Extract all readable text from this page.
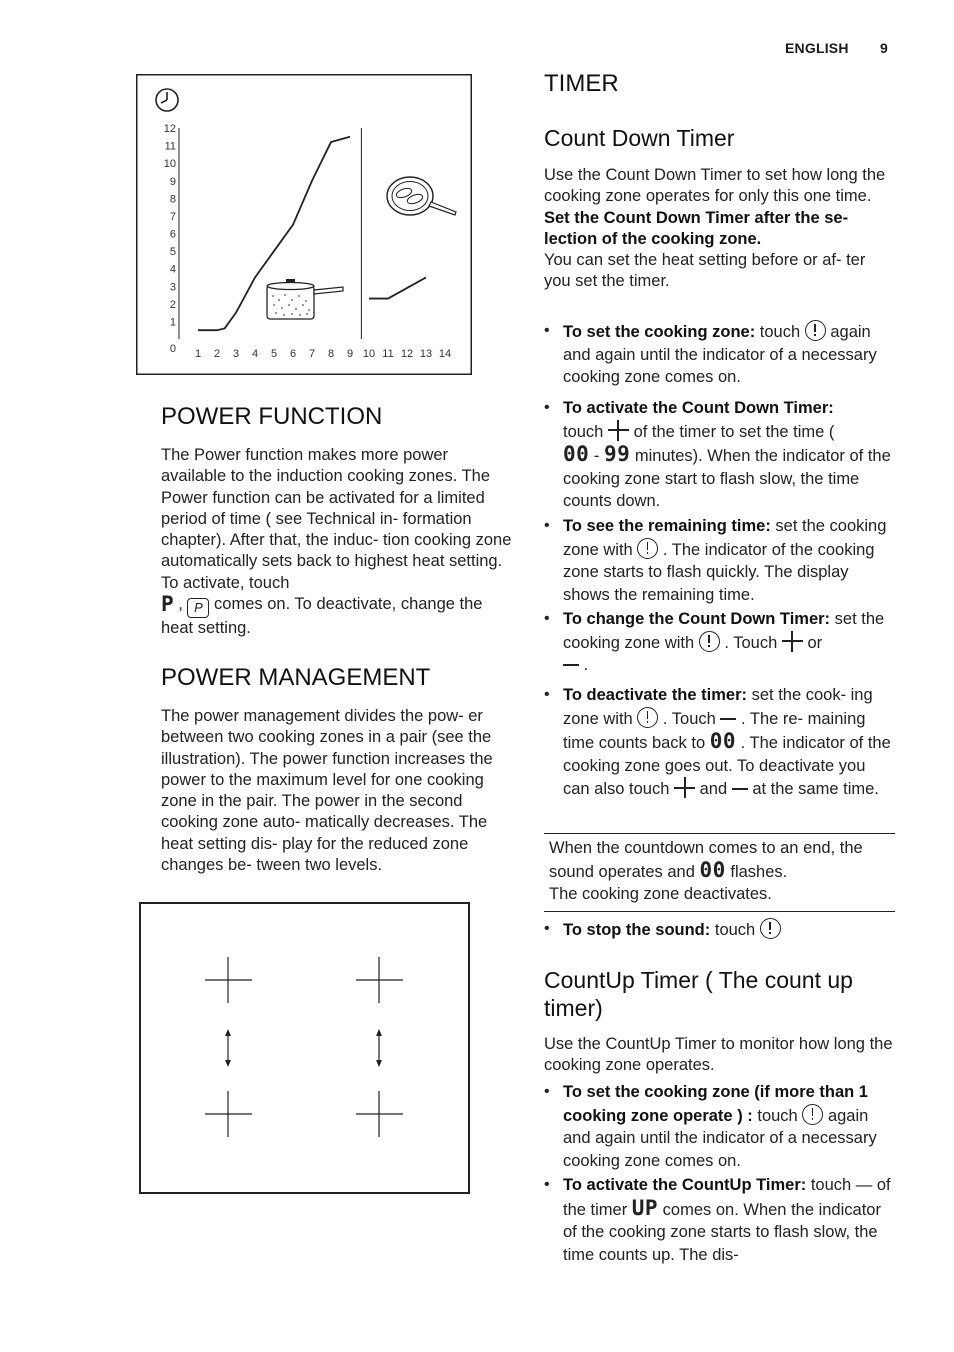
ENGLISH 9
0
1
2
3
4
5
6
7
8
9
10
11
12
1 2 3 4 5 6 7 8 9 10 11 12 13 14
POWER FUNCTION

The Power function makes more power available to the induction cooking zones. The Power function can be activated for a limited period of time ( see Technical in- formation chapter). After that, the induc- tion cooking zone automatically sets back to highest heat setting. To activate, touch
P , P comes on. To deactivate, change the heat setting.

POWER MANAGEMENT

The power management divides the pow- er between two cooking zones in a pair (see the illustration). The power function increases the power to the maximum level for one cooking zone in the pair. The power in the second cooking zone auto- matically decreases. The heat setting dis- play for the reduced zone changes be- tween two levels.

TIMER
Count Down Timer

Use the Count Down Timer to set how long the cooking zone operates for only this one time.

Set the Count Down Timer after the se- lection of the cooking zone.

You can set the heat setting before or af- ter you set the timer.

• To set the cooking zone: touch again and again until the indicator of a necessary cooking zone comes on.
• To activate the Count Down Timer:
touch of the timer to set the time (
00 - 99 minutes). When the indicator of the cooking zone start to flash slow, the time counts down.
• To see the remaining time: set the cooking zone with . The indicator of the cooking zone starts to flash quickly. The display shows the remaining time.
• To change the Count Down Timer: set the cooking zone with . Touch or
.
• To deactivate the timer: set the cook- ing zone with . Touch . The re- maining time counts back to 00 . The indicator of the cooking zone goes out. To deactivate you can also touch and at the same time.
When the countdown comes to an end, the sound operates and 00 flashes.
The cooking zone deactivates.
• To stop the sound: touch
CountUp Timer ( The count up timer)

Use the CountUp Timer to monitor how long the cooking zone operates.

• To set the cooking zone (if more than 1 cooking zone operate ) : touch again and again until the indicator of a necessary cooking zone comes on.
• To activate the CountUp Timer: touch — of the timer UP comes on. When the indicator of the cooking zone starts to flash slow, the time counts up. The dis-
